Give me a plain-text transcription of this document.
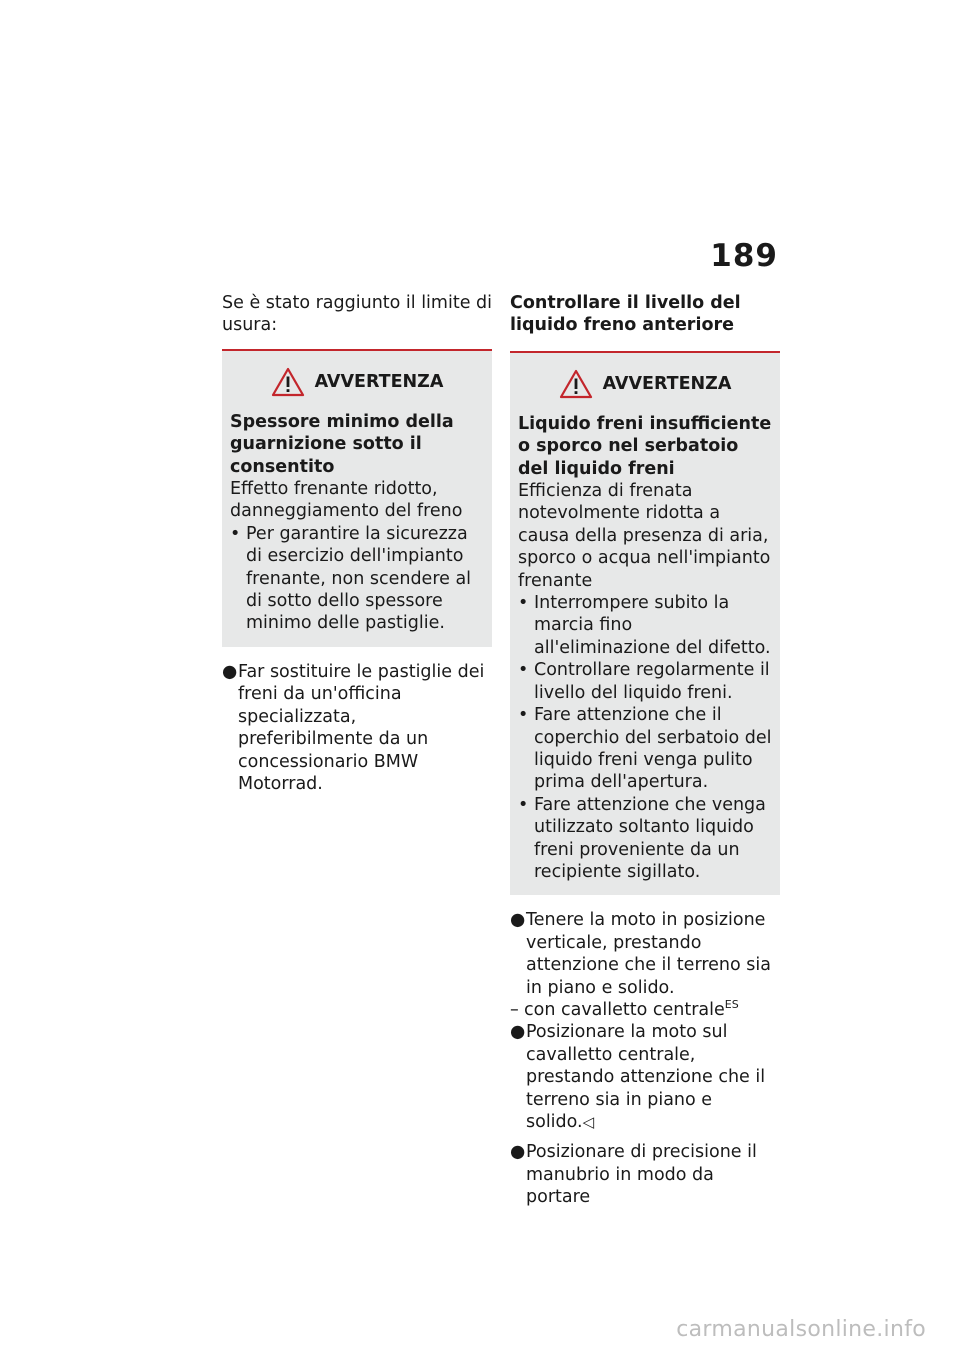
189

Se è stato raggiunto il limite di usura:

AVVERTENZA

Spessore minimo della guarnizione sotto il consentito

Effetto frenante ridotto, danneggiamento del freno

• Per garantire la sicurezza di esercizio dell'impianto frenante, non scendere al di sotto dello spessore minimo delle pastiglie.

● Far sostituire le pastiglie dei freni da un'officina specializzata, preferibilmente da un concessionario BMW Motorrad.

Controllare il livello del liquido freno anteriore

AVVERTENZA

Liquido freni insufficiente o sporco nel serbatoio del liquido freni

Efficienza di frenata notevolmente ridotta a causa della presenza di aria, sporco o acqua nell'impianto frenante

• Interrompere subito la marcia fino all'eliminazione del difetto.
• Controllare regolarmente il livello del liquido freni.
• Fare attenzione che il coperchio del serbatoio del liquido freni venga pulito prima dell'apertura.
• Fare attenzione che venga utilizzato soltanto liquido freni proveniente da un recipiente sigillato.

● Tenere la moto in posizione verticale, prestando attenzione che il terreno sia in piano e solido.

– con cavalletto centrale$^{ES}$

● Posizionare la moto sul cavalletto centrale, prestando attenzione che il terreno sia in piano e solido.◁

● Posizionare di precisione il manubrio in modo da portare

carmanualsonline.info
